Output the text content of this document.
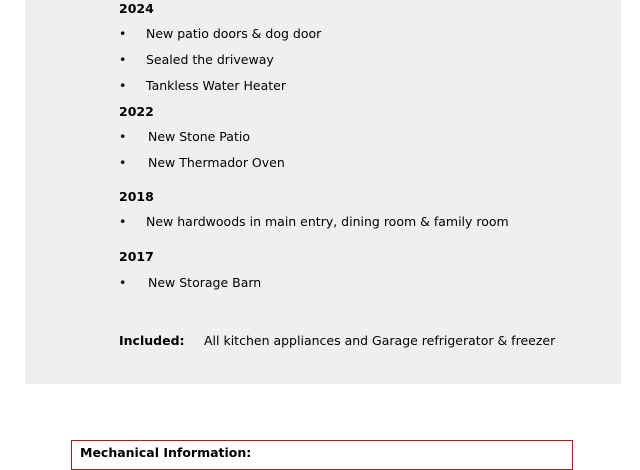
2024
• New patio doors & dog door
• Sealed the driveway
• Tankless Water Heater
2022
• New Stone Patio
• New Thermador Oven
2018
• New hardwoods in main entry, dining room & family room
2017
• New Storage Barn
Included: All kitchen appliances and Garage refrigerator & freezer
Mechanical Information:
